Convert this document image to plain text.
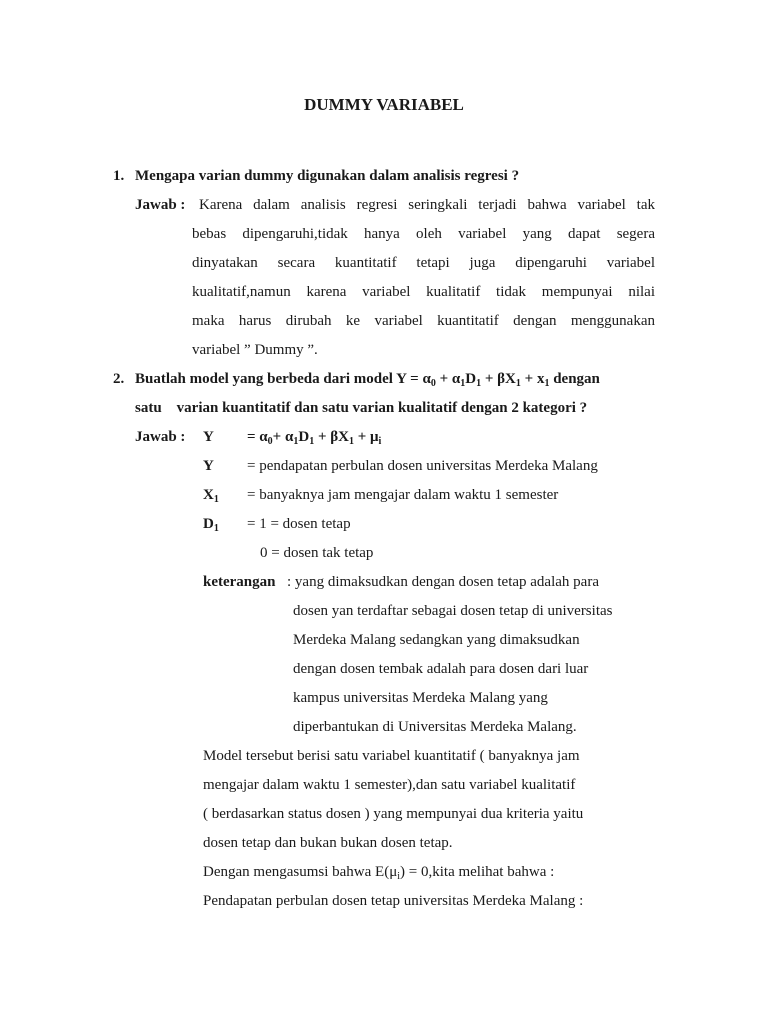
DUMMY VARIABEL
1. Mengapa varian dummy digunakan dalam analisis regresi ?
Jawab : Karena dalam analisis regresi seringkali terjadi bahwa variabel tak
bebas dipengaruhi,tidak hanya oleh variabel yang dapat segera
dinyatakan secara kuantitatif tetapi juga dipengaruhi variabel
kualitatif,namun karena variabel kualitatif tidak mempunyai nilai
maka harus dirubah ke variabel kuantitatif dengan menggunakan
variabel ” Dummy ”.
2. Buatlah model yang berbeda dari model $Y = \alpha_0 + \alpha_1D_1 + \beta X_1 + x_1$ dengan
satu    varian kuantitatif dan satu varian kualitatif dengan 2 kategori ?
Jawab : $Y = \alpha_0+ \alpha_1D_1 + \beta X_1 + \mu_i$
Y = pendapatan perbulan dosen universitas Merdeka Malang
$X_1$ = banyaknya jam mengajar dalam waktu 1 semester
$D_1 = 1$ = dosen tetap
0 = dosen tak tetap
keterangan : yang dimaksudkan dengan dosen tetap adalah para
dosen yan terdaftar sebagai dosen tetap di universitas
Merdeka Malang sedangkan yang dimaksudkan
dengan dosen tembak adalah para dosen dari luar
kampus universitas Merdeka Malang yang
diperbantukan di Universitas Merdeka Malang.
Model tersebut berisi satu variabel kuantitatif ( banyaknya jam
mengajar dalam waktu 1 semester),dan satu variabel kualitatif
( berdasarkan status dosen ) yang mempunyai dua kriteria yaitu
dosen tetap dan bukan bukan dosen tetap.
Dengan mengasumsi bahwa $E(\mu_i)$ = 0,kita melihat bahwa :
Pendapatan perbulan dosen tetap universitas Merdeka Malang :
